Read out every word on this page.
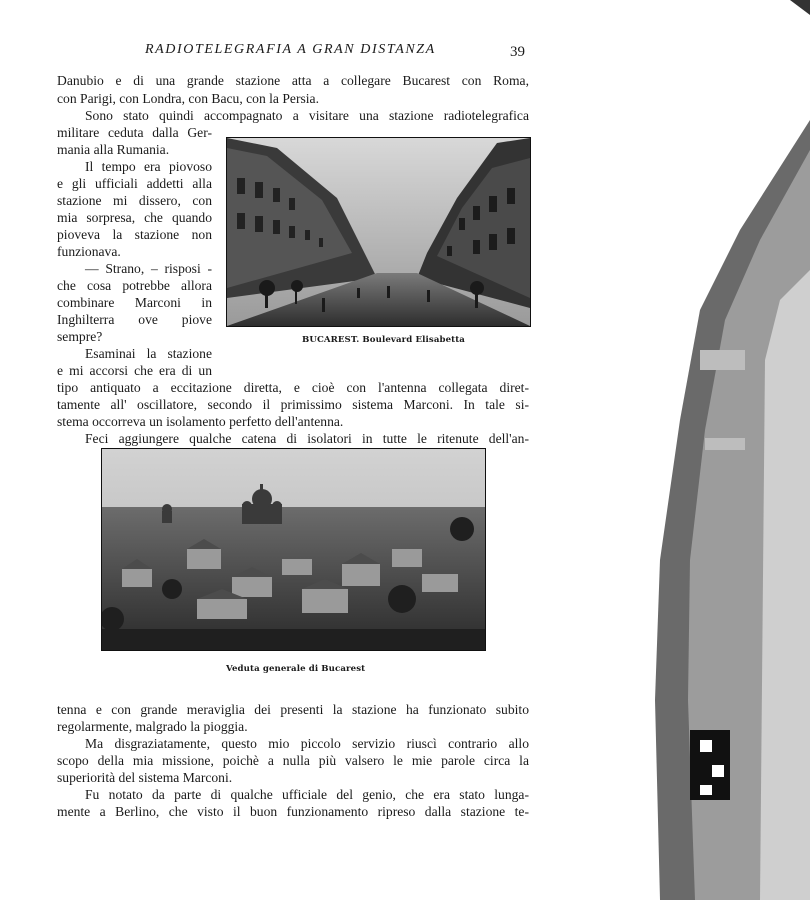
RADIOTELEGRAFIA A GRAN DISTANZA	39
Danubio e di una grande stazione atta a collegare Bucarest con Roma,
con Parigi, con Londra, con Bacu, con la Persia.
Sono stato quindi accompagnato a visitare una stazione radiotelegrafica
militare ceduta dalla Ger-
mania alla Rumania.
Il tempo era piovoso
e gli ufficiali addetti alla
stazione mi dissero, con
mia sorpresa, che quando
pioveva la stazione non
funzionava.
— Strano, – risposi -
che cosa potrebbe allora
combinare Marconi in
Inghilterra ove piove
sempre?
Esaminai la stazione
e mi accorsi che era di un
tipo antiquato a eccitazione diretta, e cioè con l'antenna collegata diret-
tamente all' oscillatore, secondo il primissimo sistema Marconi. In tale si-
stema occorreva un isolamento perfetto dell'antenna.
Feci aggiungere qualche catena di isolatori in tutte le ritenute dell'an-
BUCAREST. Boulevard Elisabetta
Veduta generale di Bucarest
tenna e con grande meraviglia dei presenti la stazione ha funzionato subito
regolarmente, malgrado la pioggia.
Ma disgraziatamente, questo mio piccolo servizio riuscì contrario allo
scopo della mia missione, poichè a nulla più valsero le mie parole circa la
superiorità del sistema Marconi.
Fu notato da parte di qualche ufficiale del genio, che era stato lunga-
mente a Berlino, che visto il buon funzionamento ripreso dalla stazione te-
